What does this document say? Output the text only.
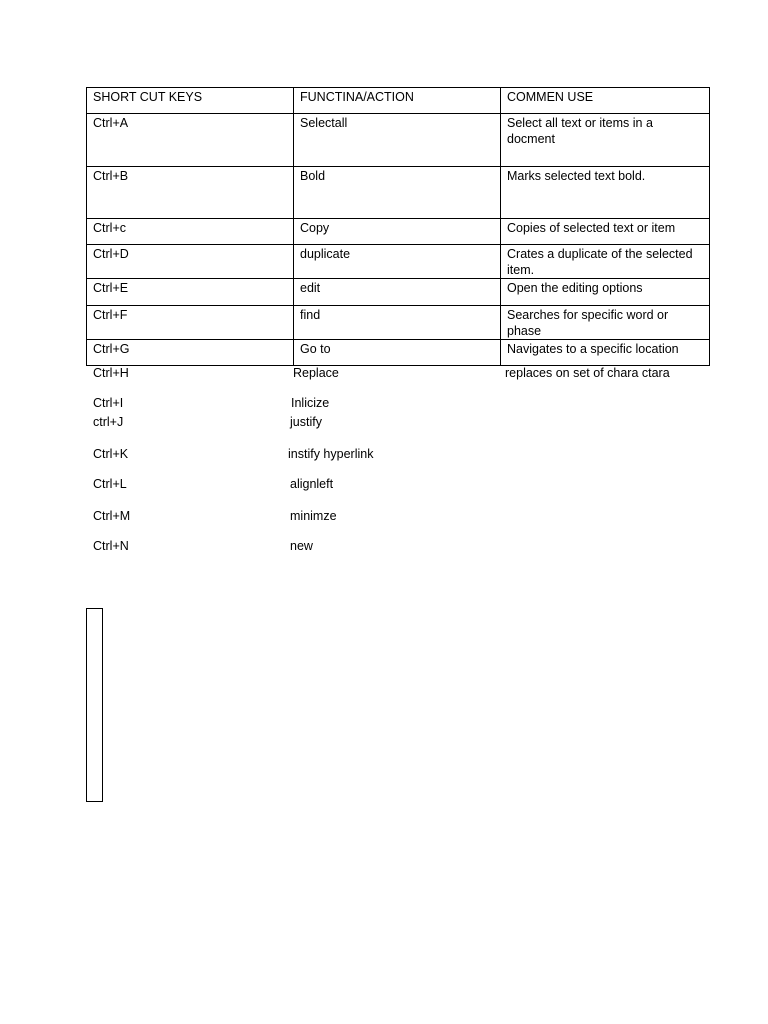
SHORT CUT KEYS	FUNCTINA/ACTION	COMMEN USE
Ctrl+A	Selectall	Select all text or items in a docment
Ctrl+B	Bold	Marks selected text bold.
Ctrl+c	Copy	Copies of selected text or item
Ctrl+D	duplicate	Crates a duplicate of the selected item.
Ctrl+E	edit	Open the editing options
Ctrl+F	find	Searches for specific word or phase
Ctrl+G	Go to	Navigates to a specific location
Ctrl+H	Replace	replaces on set of chara ctara
Ctrl+I	Inlicize
ctrl+J	justify
Ctrl+K	instify hyperlink
Ctrl+L	alignleft
Ctrl+M	minimze
Ctrl+N	new
